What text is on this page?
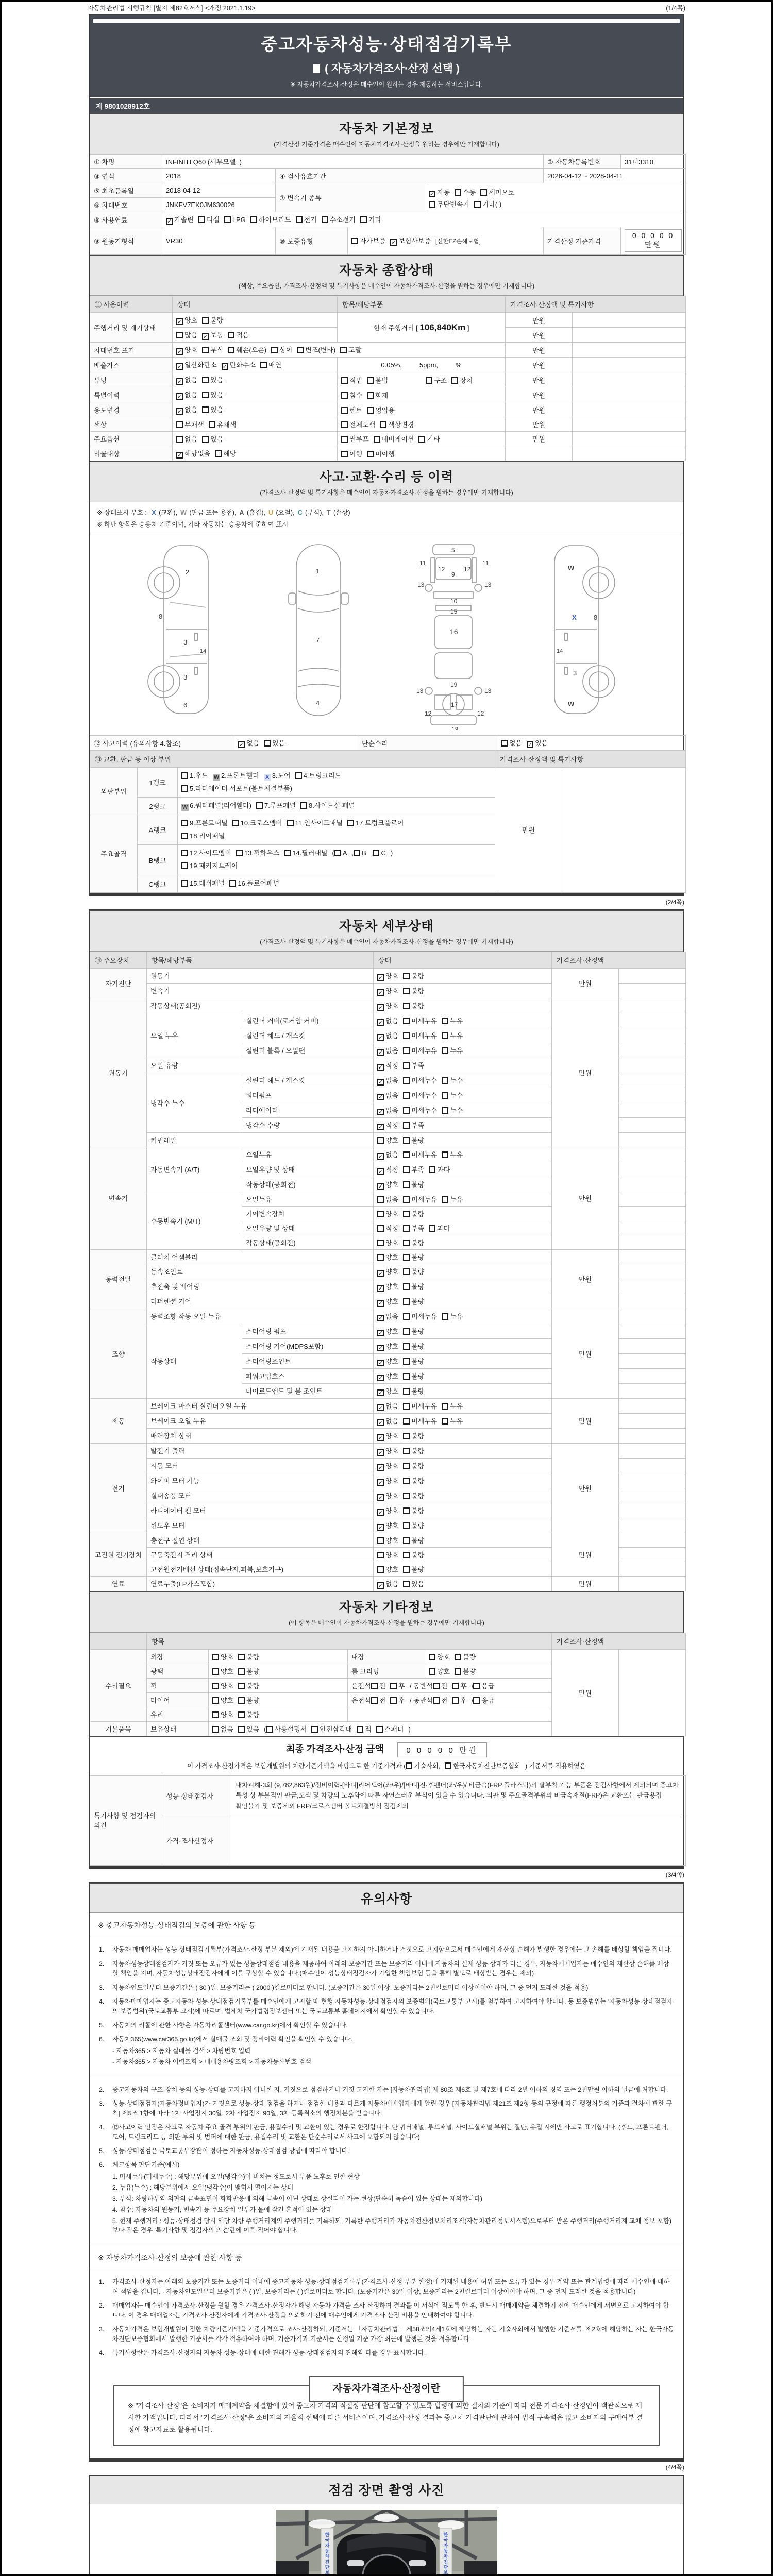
자동차관리법 시행규칙 [별지 제82호서식] <개정 2021.1.19>	(1/4쪽)
중고자동차성능·상태점검기록부
( 자동차가격조사·산정 선택 )
※ 자동차가격조사·산정은 매수인이 원하는 경우 제공하는 서비스입니다.
제 9801028912호
자동차 기본정보
(가격산정 기준가격은 매수인이 자동차가격조사·산정을 원하는 경우에만 기재합니다)
① 차명	INFINITI Q60 (세부모델: )				② 자동차등록번호	31너3310
③ 연식	2018	④ 검사유효기간			2026-04-12 ~ 2028-04-11	
⑤ 최초등록일	2018-04-12	⑦ 변속기 종류		✓ 자동 수동 세미오토
무단변속기 기타( )		

⑥ 차대번호	JNKFV7EK0JM630026					
⑧ 사용연료	✓ 가솔린 디젤 LPG 하이브리드 전기 수소전기 기타					
⑨ 원동기형식	VR30	⑩ 보증유형	자가보증 ✓ 보험사보증 [신한EZ손해보험]		가격산정 기준가격	0 0 0 0 0 만원
자동차 종합상태
(색상, 주요옵션, 가격조사·산정액 및 특기사항은 매수인이 자동차가격조사·산정을 원하는 경우에만 기재합니다)
⑪ 사용이력	상태	항목/해당부품	가격조사·산정액 및 특기사항	
주행거리 및 계기상태	✓ 양호 불량	현재 주행거리 [ 106,840Km ]	만원	
	많음 ✓ 보통 적음		만원	
차대번호 표기	✓ 양호 부식 훼손(오손) 상이 변조(변타) 도말		만원	
배출가스	✓ 일산화탄소 ✓ 탄화수소 매연	0.05%, 5ppm, %	만원	
튜닝	✓ 없음 있음	적법 불법 구조 장치	만원	
특별이력	✓ 없음 있음	침수 화재	만원	
용도변경	✓ 없음 있음	렌트 영업용	만원	
색상	무채색 유채색	전체도색 색상변경	만원	
주요옵션	없음 있음	썬루프 네비게이션 기타	만원	
리콜대상	✓ 해당없음 해당	이행 미이행		
사고·교환·수리 등 이력
(가격조사·산정액 및 특기사항은 매수인이 자동차가격조사·산정을 원하는 경우에만 기재합니다)
※ 상태표시 부호 : X (교환), W (판금 또는 용접), A (흠집), U (요철), C (부식), T (손상)
※ 하단 항목은 승용차 기준이며, 기타 자동차는 승용차에 준하여 표시
2
8
3
14
3
6
1
7
4
5
11	11
13	13
12	12
9
10
15
16
19
13	13
12	12
17
18
W
X	8
14
3
W
⑫ 사고이력 (유의사항 4.참조)	✓ 없음 있음	단순수리	없음 ✓ 있음
⑬ 교환, 판금 등 이상 부위			가격조사·산정액 및 특기사항	
외판부위	1랭크	1.후드 W 2.프론트휀더 X 3.도어 4.트렁크리드
5.라디에이터 서포트(볼트체결부품)	만원	
	2랭크	W 6.쿼터패널(리어휀다) 7.루프패널 8.사이드실 패널		
주요골격	A랭크	9.프론트패널 10.크로스멤버 11.인사이드패널 17.트렁크플로어
18.리어패널		
	B랭크	12.사이드멤버 13.휠하우스 14.필러패널 ( A , B , C )
19.패키지트레이		
	C랭크	15.대쉬패널 16.플로어패널		
(2/4쪽)
자동차 세부상태
(가격조사·산정액 및 특기사항은 매수인이 자동차가격조사·산정을 원하는 경우에만 기재합니다)
⑭ 주요장치	항목/해당부품		상태	가격조사·산정액	
자기진단	원동기		✓ 양호 불량	만원	
	변속기		✓ 양호 불량		
원동기	작동상태(공회전)		✓ 양호 불량	만원	
	오일 누유	실린더 커버(로커암 커버)	✓ 없음 미세누유 누유		
		실린더 헤드 / 개스킷	✓ 없음 미세누유 누유		
		실린더 블록 / 오일팬	✓ 없음 미세누유 누유		
	오일 유량		✓ 적정 부족		
	냉각수 누수	실린더 헤드 / 개스킷	✓ 없음 미세누수 누수		
		워터펌프	✓ 없음 미세누수 누수		
		라디에이터	✓ 없음 미세누수 누수		
		냉각수 수량	✓ 적정 부족		
	커먼레일		양호 불량		
변속기	자동변속기 (A/T)	오일누유	✓ 없음 미세누유 누유	만원	
		오일유량 및 상태	✓ 적정 부족 과다		
		작동상태(공회전)	✓ 양호 불량		
	수동변속기 (M/T)	오일누유	없음 미세누유 누유		
		기어변속장치	양호 불량		
		오일유량 및 상태	적정 부족 과다		
		작동상태(공회전)	양호 불량		
동력전달	클러치 어셈블리		양호 불량	만원	
	등속조인트		✓ 양호 불량		
	추진축 및 베어링		✓ 양호 불량		
	디퍼렌셜 기어		✓ 양호 불량		
조향	동력조향 작동 오일 누유		✓ 없음 미세누유 누유	만원	
	작동상태	스티어링 펌프	✓ 양호 불량		
		스티어링 기어(MDPS포함)	✓ 양호 불량		
		스티어링조인트	✓ 양호 불량		
		파워고압호스	✓ 양호 불량		
		타이로드엔드 및 볼 조인트	✓ 양호 불량		
제동	브레이크 마스터 실린더오일 누유		✓ 없음 미세누유 누유	만원	
	브레이크 오일 누유		✓ 없음 미세누유 누유		
	배력장치 상태		✓ 양호 불량		
전기	발전기 출력		✓ 양호 불량	만원	
	시동 모터		✓ 양호 불량		
	와이퍼 모터 기능		✓ 양호 불량		
	실내송풍 모터		✓ 양호 불량		
	라디에이터 팬 모터		✓ 양호 불량		
	윈도우 모터		✓ 양호 불량		
고전원 전기장치	충전구 절연 상태		양호 불량	만원	
	구동축전지 격리 상태		양호 불량		
	고전원전기배선 상태(접속단자,피복,보호기구)		양호 불량		
연료	연료누출(LP가스포함)		✓ 없음 있음	만원	
자동차 기타정보
(이 항목은 매수인이 자동차가격조사·산정을 원하는 경우에만 기재합니다)
	항목				가격조사·산정액	
수리필요	외장	양호 불량	내장	양호 불량	만원	
	광택	양호 불량	룸 크리닝	양호 불량		
	휠	양호 불량	운전석 전 후 / 동반석 전 후 / 응급			
	타이어	양호 불량	운전석 전 후 / 동반석 전 후 / 응급			
	유리	양호 불량				
기본품목	보유상태	없음 있음 ( 사용설명서 안전삼각대 잭 스패너 )				
최종 가격조사·산정 금액	0 0 0 0 0 만원
이 가격조사·산정가격은 보험개발원의 차량기준가액을 바탕으로 한 기준가격과 ( 기술사회, 한국자동차진단보증협회 ) 기준서를 적용하였음
특기사항 및 점검자의 의견	성능·상태점검자	내차피해-3회 (9,782,863원)/정비이력-[바디]리어도어(좌/우)/[바디]전·후펜더(좌/우)/ 비금속(FRP 플라스틱)의 탈부착 가능 부품은 점검사항에서 제외되며 중고차 특성 상 부분적인 판금,도색 및 차량의 노후화에 따른 자연스러운 부식이 있을 수 있습니다. 외판 및 주요골격부위의 비금속재질(FRP)은 교환또는 판금용접 확인불가 및 보증제외 FRP/크로스멤버 볼트체결방식 점검제외
	가격·조사산정자	
(3/4쪽)
유의사항
※ 중고자동차성능·상태점검의 보증에 관한 사항 등
1.	자동차 매매업자는 성능·상태점검기록부(가격조사·산정 부분 제외)에 기재된 내용을 고지하지 아니하거나 거짓으로 고지함으로써 매수인에게 재산상 손해가 발생한 경우에는 그 손해를 배상할 책임을 집니다.
2.	자동차성능상태점검자가 거짓 또는 오류가 있는 성능상태점검 내용을 제공하여 아래의 보증기간 또는 보증거리 이내에 자동차의 실제 성능·상태가 다른 경우, 자동차매매업자는 매수인의 재산상 손해를 배상할 책임을 지며, 자동차성능상태점검자에게 이를 구상할 수 있습니다.(매수인이 성능상태점검자가 가입한 책임보험 등을 통해 별도로 배상받는 경우는 제외)
3.	자동차인도일부터 보증기간은 ( 30 )일, 보증거리는 ( 2000 )킬로미터로 합니다. (보증기간은 30일 이상, 보증거리는 2천킬로미터 이상이어야 하며, 그 중 먼저 도래한 것을 적용)
4.	자동차매매업자는 중고자동차 성능·상태점검기록부를 매수인에게 고지할 때 현행 자동차성능·상태점검자의 보증범위(국토교통부 고시)를 첨부하여 고지하여야 합니다. 동 보증범위는 '자동차성능·상태점검자의 보증범위'(국토교통부 고시)에 따르며, 법제처 국가법령정보센터 또는 국토교통부 홈페이지에서 확인할 수 있습니다.
5.	자동차의 리콜에 관한 사항은 자동차리콜센터(www.car.go.kr)에서 확인할 수 있습니다.
6.	자동차365(www.car365.go.kr)에서 실매물 조회 및 정비이력 확인을 확인할 수 있습니다.
- 자동차365 > 자동차 실매물 검색 > 차량번호 입력
- 자동차365 > 자동차 이력조회 > 매매용차량조회 > 자동차등록번호 검색
2.	중고자동차의 구조·장치 등의 성능·상태를 고지하지 아니한 자, 거짓으로 점검하거나 거짓 고지한 자는 [자동차관리법] 제 80조 제6호 및 제7호에 따라 2년 이하의 징역 또는 2천만원 이하의 벌금에 처합니다.
3.	성능·상태점검자(자동차정비업자)가 거짓으로 성능·상태 점검을 하거나 점검한 내용과 다르게 자동차매매업자에게 알린 경우 [자동차관리법 제21조 제2항 등의 규정에 따른 행정처분의 기준과 절차에 관한 규칙] 제5조 1항에 따라 1차 사업정지 30일, 2차 사업정지 90일, 3차 등록취소의 행정처분을 받습니다.
4.	⑫사고이력 인정은 사고로 자동차 주요 골격 부위의 판금, 용접수리 및 교환이 있는 경우로 한정합니다. 단 쿼터패널, 루프패널, 사이드실패널 부위는 절단, 용접 시에만 사고로 표기합니다. (후드, 프론트펜더, 도어, 트렁크리드 등 외판 부위 및 범퍼에 대한 판금, 용접수리 및 교환은 단순수리로서 사고에 포함되지 않습니다)
5.	성능·상태점검은 국토교통부장관이 정하는 자동차성능·상태점검 방법에 따라야 합니다.
6.	체크항목 판단기준(예시)
1. 미세누유(미세누수) : 해당부위에 오일(냉각수)이 비치는 정도로서 부품 노후로 인한 현상
2. 누유(누수) : 해당부위에서 오일(냉각수)이 맺혀서 떨어지는 상태
3. 부식: 차량하부와 외판의 금속표면이 화학반응에 의해 금속이 아닌 상태로 상실되어 가는 현상(단순히 녹슬어 있는 상태는 제외합니다)
4. 침수: 자동차의 원동기, 변속기 등 주요장치 일부가 물에 잠긴 흔적이 있는 상태
5. 현재 주행거리 : 성능·상태점검 당시 해당 차량 주행거리계의 주행거리를 기록하되, 기록한 주행거리가 자동차전산정보처리조직(자동차관리정보시스템)으로부터 받은 주행거리(주행거리계 교체 정보 포함)보다 적은 경우 '특기사항 및 점검자의 의견'란에 이를 적어야 합니다.
※ 자동차가격조사·산정의 보증에 관한 사항 등
1.	가격조사·산정자는 아래의 보증기간 또는 보증거리 이내에 중고자동차 성능·상태점검기록부(가격조사·산정 부분 한정)에 기재된 내용에 허위 또는 오류가 있는 경우 계약 또는 관계법령에 따라 매수인에 대하여 책임을 집니다. · 자동차인도일부터 보증기간은 ( )일, 보증거리는 ( )킬로미터로 합니다. (보증기간은 30일 이상, 보증거리는 2천킬로미터 이상이어야 하며, 그 중 먼저 도래한 것을 적용합니다)
2.	매매업자는 매수인이 가격조사·산정을 원할 경우 가격조사·산정자가 해당 자동차 가격을 조사·산정하여 결과를 이 서식에 적도록 한 후, 반드시 매매계약을 체결하기 전에 매수인에게 서면으로 고지하여야 합니다. 이 경우 매매업자는 가격조사·산정자에게 가격조사·산정을 의뢰하기 전에 매수인에게 가격조사·산정 비용을 안내하여야 합니다.
3.	자동차가격은 보험개발원이 정한 차량기준가액을 기준가격으로 조사·산정하되, 기준서는 「자동차관리법」 제58조의4제1호에 해당하는 자는 기술사회에서 발행한 기준서를, 제2호에 해당하는 자는 한국자동차진단보증협회에서 발행한 기준서를 각각 적용하여야 하며, 기준가격과 기준서는 산정일 기준 가장 최근에 발행된 것을 적용합니다.
4.	특기사항란은 가격조사·산정자의 자동차 성능·상태에 대한 견해가 성능·상태점검자의 견해와 다를 경우 표시합니다.
자동차가격조사·산정이란
※ "가격조사·산정"은 소비자가 매매계약을 체결함에 있어 중고차 가격의 적절성 판단에 참고할 수 있도록 법령에 의한 절차와 기준에 따라 전문 가격조사·산정인이 객관적으로 제시한 가액입니다. 따라서 "가격조사·산정"은 소비자의 자율적 선택에 따른 서비스이며, 가격조사·산정 결과는 중고차 가격판단에 관하여 법적 구속력은 없고 소비자의 구매여부 결정에 참고자료로 활용됩니다.
(4/4쪽)
점검 장면 촬영 사진
한 국 자 동 차 진 단 보
한 국 자 동 차 진 단 보
